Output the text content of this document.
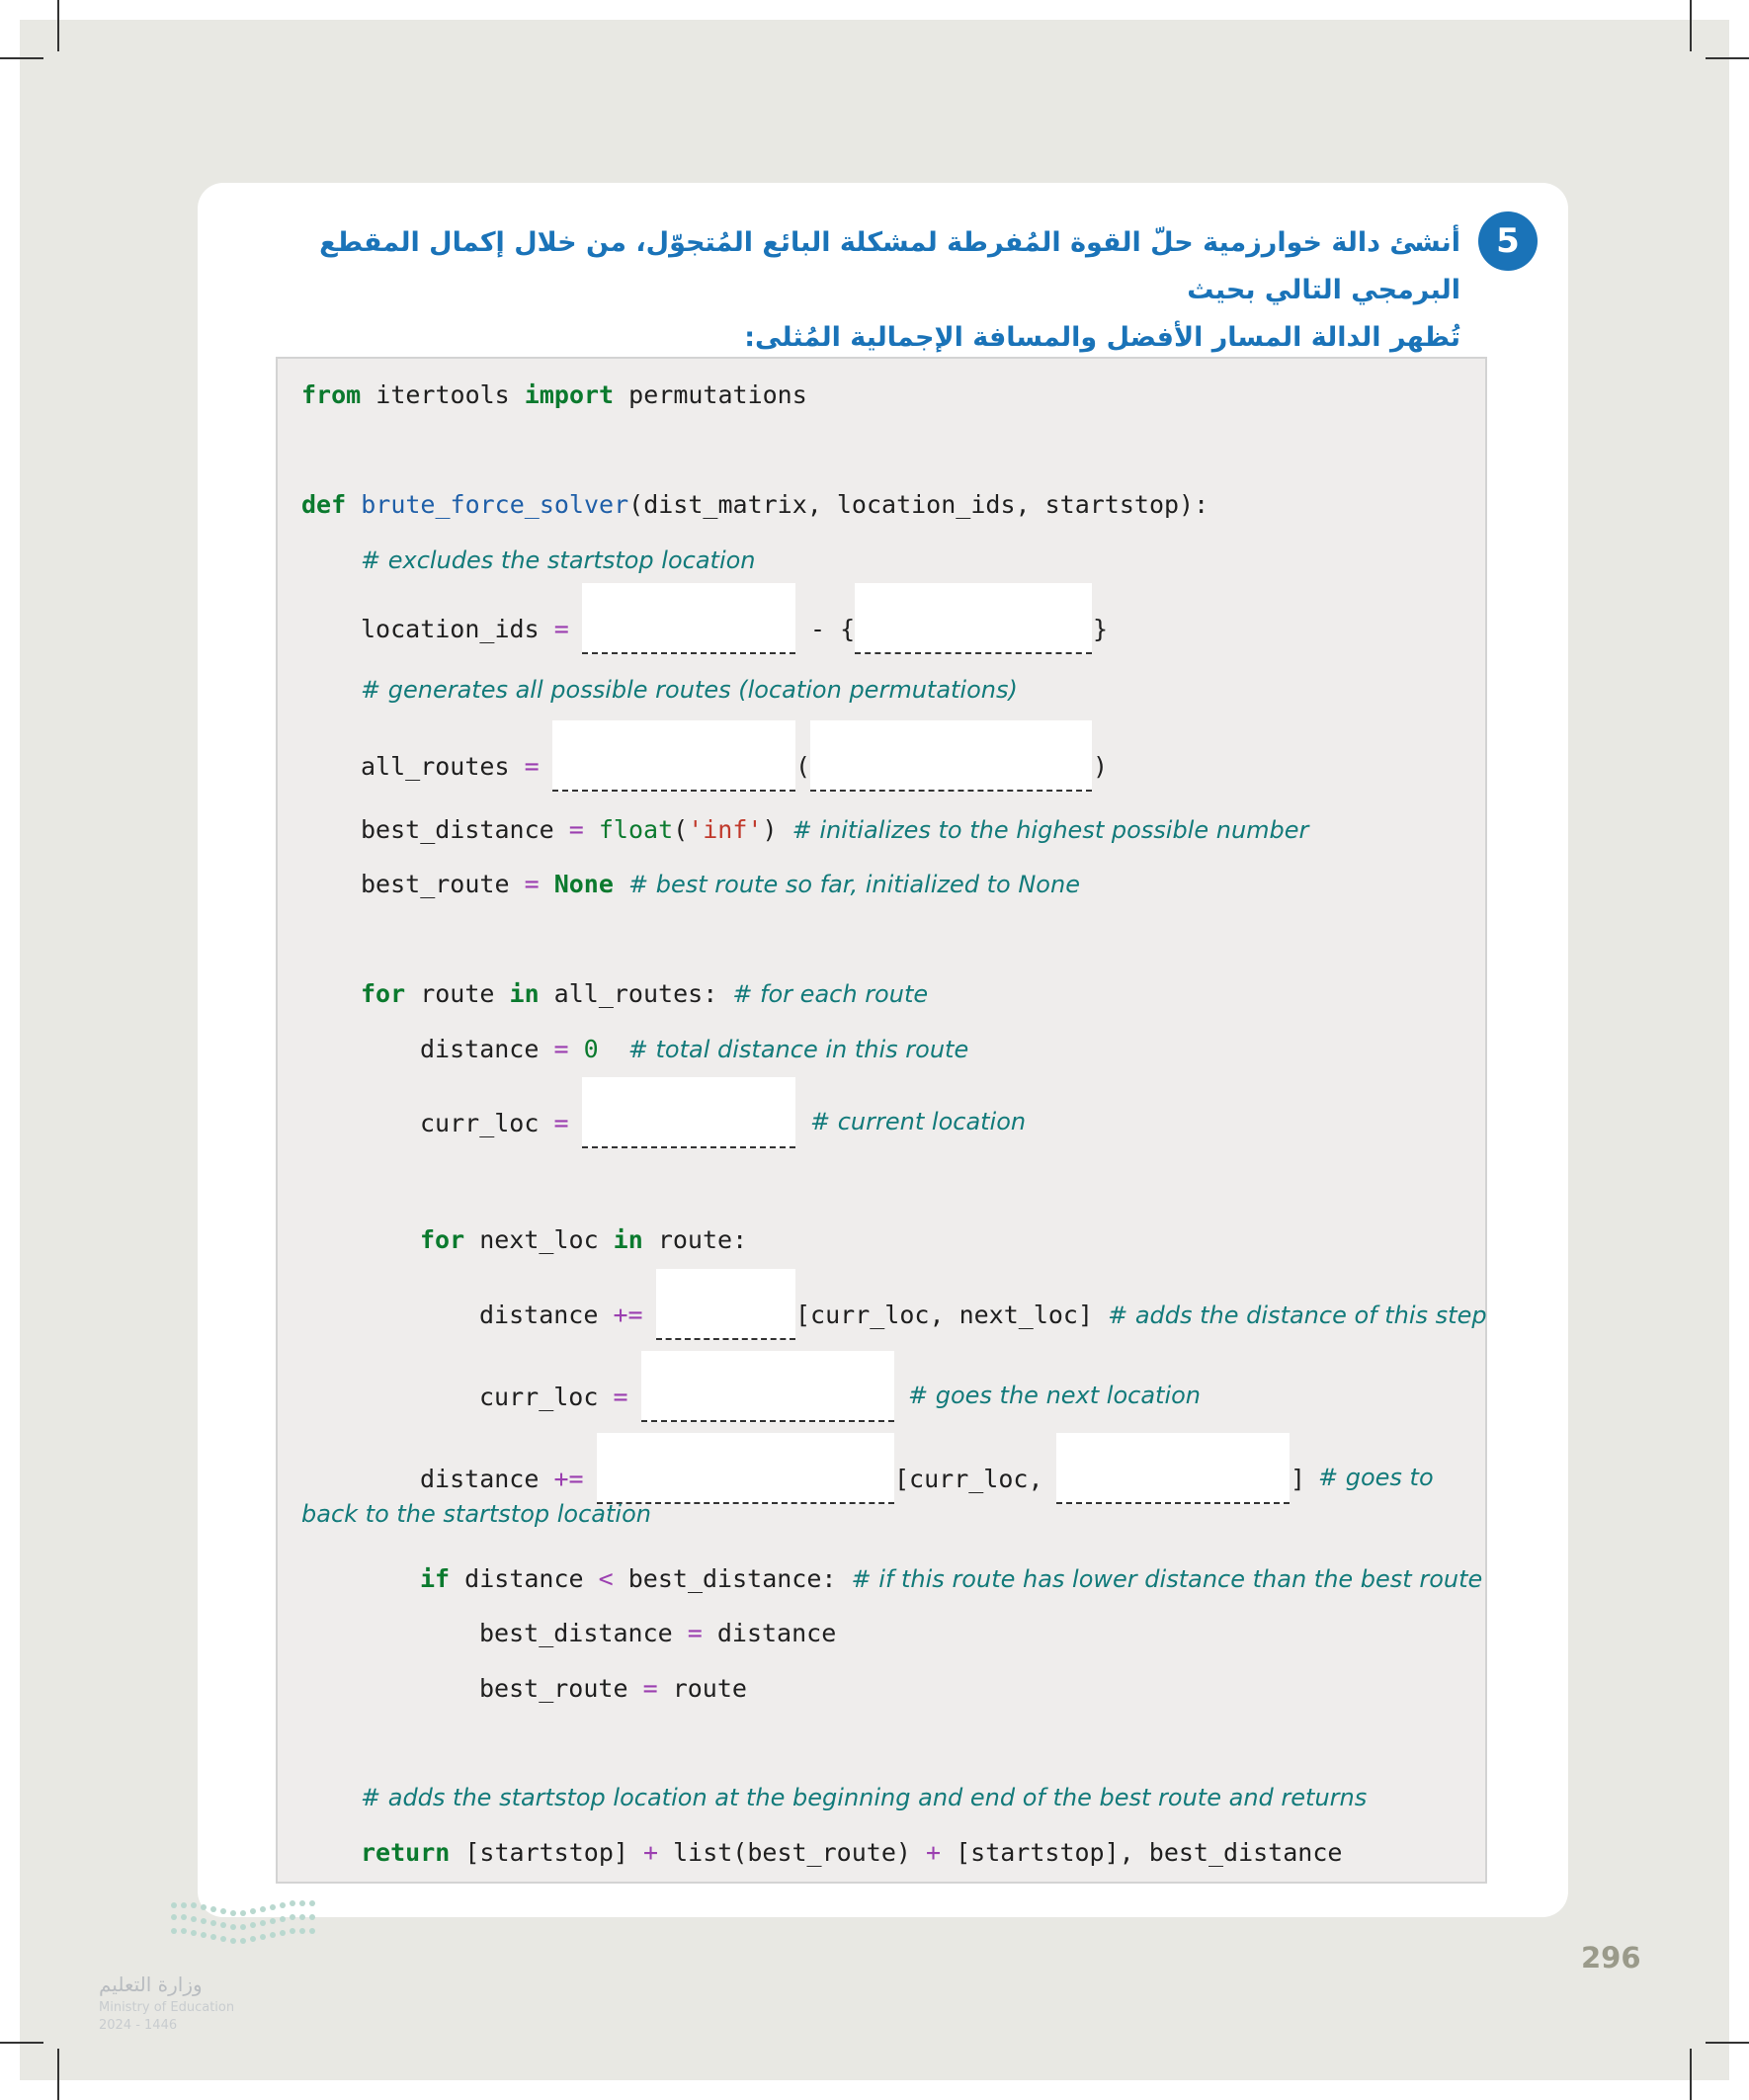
5
أنشئ دالة خوارزمية حلّ القوة المُفرطة لمشكلة البائع المُتجوّل، من خلال إكمال المقطع البرمجي التالي بحيث
تُظهر الدالة المسار الأفضل والمسافة الإجمالية المُثلى:
from itertools import permutations
def brute_force_solver(dist_matrix, location_ids, startstop):
# excludes the startstop location
location_ids =	- {	}
# generates all possible routes (location permutations)
all_routes =	(	)
best_distance = float('inf') # initializes to the highest possible number
best_route = None # best route so far, initialized to None
for route in all_routes: # for each route
distance = 0 # total distance in this route
curr_loc =	# current location
for next_loc in route:
distance +=	[curr_loc, next_loc] # adds the distance of this step
curr_loc =	# goes the next location
distance +=	[curr_loc,	] # goes to
back to the startstop location
if distance < best_distance: # if this route has lower distance than the best route
best_distance = distance
best_route = route
# adds the startstop location at the beginning and end of the best route and returns
return [startstop] + list(best_route) + [startstop], best_distance
296
وزارة التعليم
Ministry of Education
2024 - 1446
